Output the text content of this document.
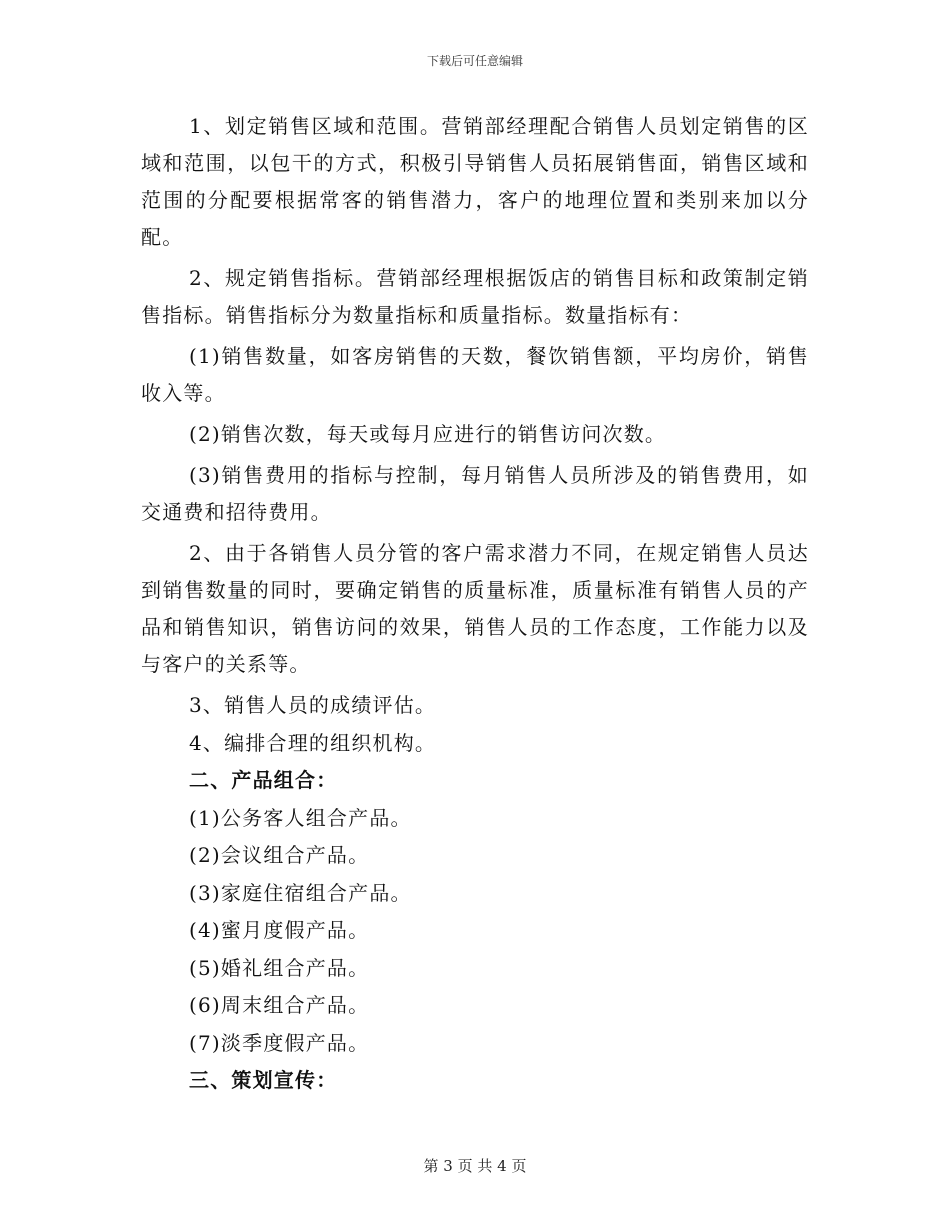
下载后可任意编辑

1、划定销售区域和范围。营销部经理配合销售人员划定销售的区域和范围，以包干的方式，积极引导销售人员拓展销售面，销售区域和范围的分配要根据常客的销售潜力，客户的地理位置和类别来加以分配。

2、规定销售指标。营销部经理根据饭店的销售目标和政策制定销售指标。销售指标分为数量指标和质量指标。数量指标有：

(1)销售数量，如客房销售的天数，餐饮销售额，平均房价，销售收入等。

(2)销售次数，每天或每月应进行的销售访问次数。

(3)销售费用的指标与控制，每月销售人员所涉及的销售费用，如交通费和招待费用。

2、由于各销售人员分管的客户需求潜力不同，在规定销售人员达到销售数量的同时，要确定销售的质量标准，质量标准有销售人员的产品和销售知识，销售访问的效果，销售人员的工作态度，工作能力以及与客户的关系等。

3、销售人员的成绩评估。

4、编排合理的组织机构。

二、产品组合：

(1)公务客人组合产品。

(2)会议组合产品。

(3)家庭住宿组合产品。

(4)蜜月度假产品。

(5)婚礼组合产品。

(6)周末组合产品。

(7)淡季度假产品。

三、策划宣传：

第 3 页 共 4 页
